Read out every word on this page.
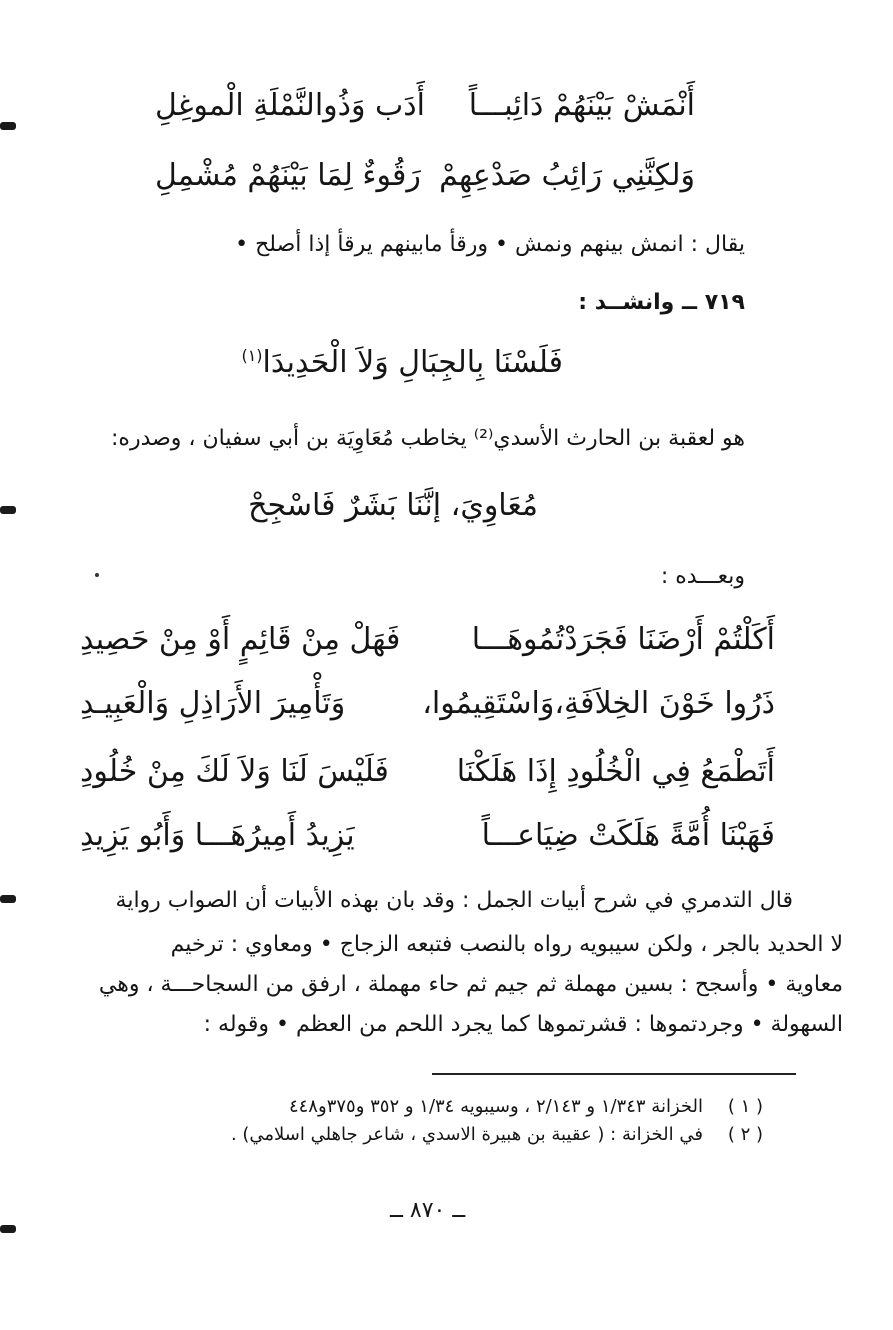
أَنْمَشْ بَيْنَهُمْ دَائِبـــاً
أَدَب وَذُوالنَّمْلَةِ الْموغِلِ
وَلكِنَّنِي رَائِبُ صَدْعِهِمْ
رَقُوءٌ لِمَا بَيْنَهُمْ مُشْمِلِ
يقال : انمش بينهم ونمش • ورقأ مابينهم يرقأ إذا أصلح •
٧١٩ ــ وانشــد :
فَلَسْنَا بِالجِبَالِ وَلاَ الْحَدِيدَا$^{(١)}$
هو لعقبة بن الحارث الأسدي⁽²⁾ يخاطب مُعَاوِيَة بن أبي سفيان ، وصدره:
مُعَاوِيَ، إنَّنَا بَشَرٌ فَاسْجِحْ
وبعـــده :
أَكَلْتُمْ أَرْضَنَا فَجَرَدْتُمُوهَـــا
فَهَلْ مِنْ قَائِمٍ أَوْ مِنْ حَصِيدِ
ذَرُوا خَوْنَ الخِلاَفَةِ،وَاسْتَقِيمُوا،
وَتَأْمِيرَ الأَرَاذِلِ وَالْعَبِيـدِ
أَتَطْمَعُ فِي الْخُلُودِ إِذَا هَلَكْنَا
فَلَيْسَ لَنَا وَلاَ لَكَ مِنْ خُلُودِ
فَهَبْنَا أُمَّةً هَلَكَتْ ضِيَاعـــاً
يَزِيدُ أَمِيرُهَـــا وَأَبُو يَزِيدِ
قال التدمري في شرح أبيات الجمل : وقد بان بهذه الأبيات أن الصواب رواية
لا الحديد بالجر ، ولكن سيبويه رواه بالنصب فتبعه الزجاج • ومعاوي : ترخيم
معاوية • وأسجح : بسين مهملة ثم جيم ثم حاء مهملة ، ارفق من السجاحـــة ، وهي
السهولة • وجردتموها : قشرتموها كما يجرد اللحم من العظم • وقوله :
( ١ )
الخزانة ١/٣٤٣ و ٢/١٤٣ ، وسيبويه ١/٣٤ و ٣٥٢ و٣٧٥و٤٤٨
( ٢ )
في الخزانة : ( عقيبة بن هبيرة الاسدي ، شاعر جاهلي اسلامي) .
ــ ٨٧٠ ــ
